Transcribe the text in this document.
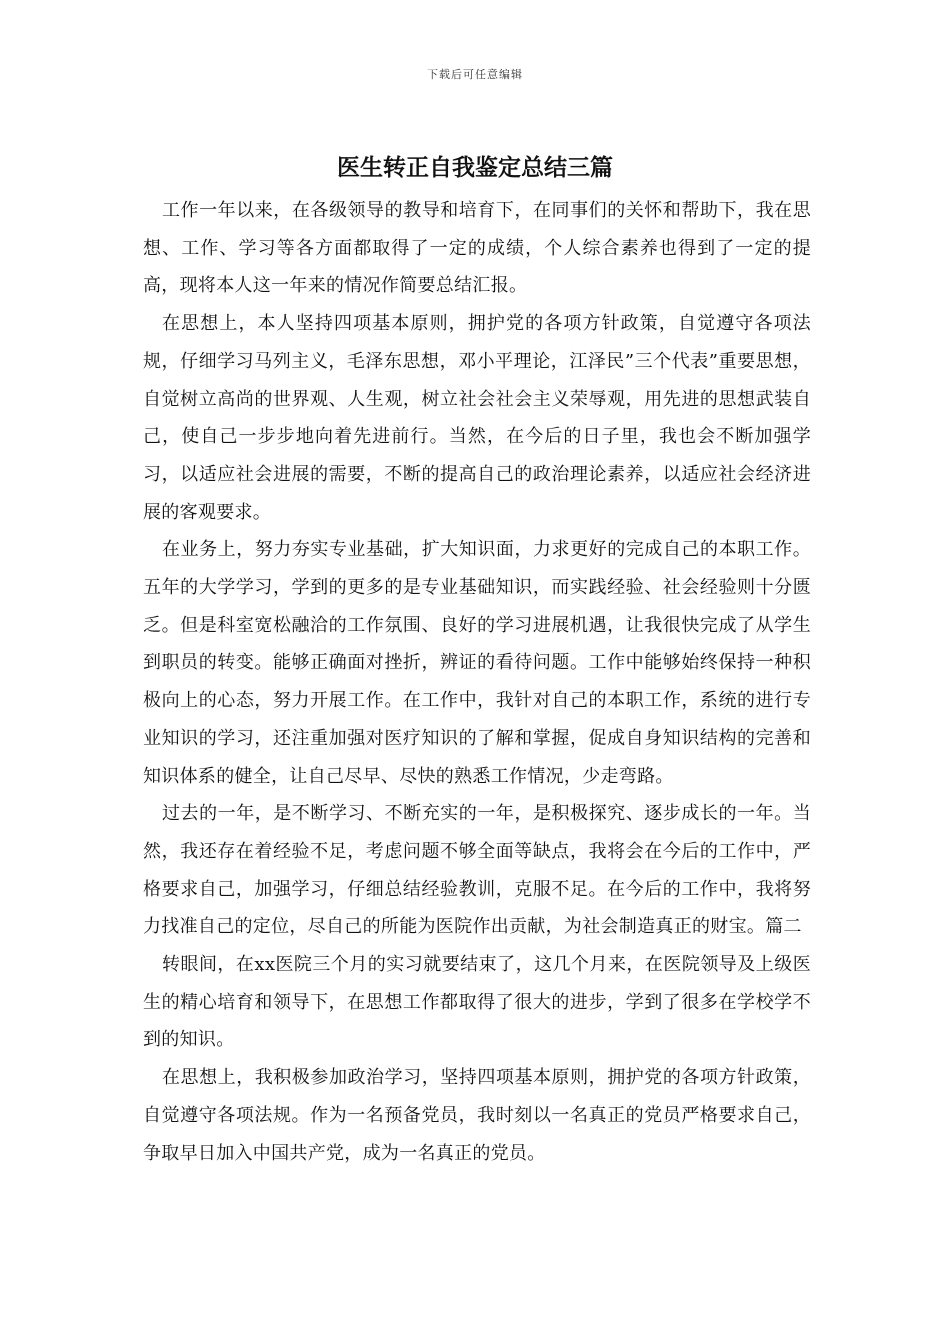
下载后可任意编辑
医生转正自我鉴定总结三篇

工作一年以来，在各级领导的教导和培育下，在同事们的关怀和帮助下，我在思想、工作、学习等各方面都取得了一定的成绩，个人综合素养也得到了一定的提高，现将本人这一年来的情况作简要总结汇报。

在思想上，本人坚持四项基本原则，拥护党的各项方针政策，自觉遵守各项法规，仔细学习马列主义，毛泽东思想，邓小平理论，江泽民”三个代表”重要思想，自觉树立高尚的世界观、人生观，树立社会社会主义荣辱观，用先进的思想武装自己，使自己一步步地向着先进前行。当然，在今后的日子里，我也会不断加强学习，以适应社会进展的需要，不断的提高自己的政治理论素养，以适应社会经济进展的客观要求。

在业务上，努力夯实专业基础，扩大知识面，力求更好的完成自己的本职工作。五年的大学学习，学到的更多的是专业基础知识，而实践经验、社会经验则十分匮乏。但是科室宽松融洽的工作氛围、良好的学习进展机遇，让我很快完成了从学生到职员的转变。能够正确面对挫折，辨证的看待问题。工作中能够始终保持一种积极向上的心态，努力开展工作。在工作中，我针对自己的本职工作，系统的进行专业知识的学习，还注重加强对医疗知识的了解和掌握，促成自身知识结构的完善和知识体系的健全，让自己尽早、尽快的熟悉工作情况，少走弯路。

过去的一年，是不断学习、不断充实的一年，是积极探究、逐步成长的一年。当然，我还存在着经验不足，考虑问题不够全面等缺点，我将会在今后的工作中，严格要求自己，加强学习，仔细总结经验教训，克服不足。在今后的工作中，我将努力找准自己的定位，尽自己的所能为医院作出贡献，为社会制造真正的财宝。篇二

转眼间，在xx医院三个月的实习就要结束了，这几个月来，在医院领导及上级医生的精心培育和领导下，在思想工作都取得了很大的进步，学到了很多在学校学不到的知识。

在思想上，我积极参加政治学习，坚持四项基本原则，拥护党的各项方针政策，自觉遵守各项法规。作为一名预备党员，我时刻以一名真正的党员严格要求自己，争取早日加入中国共产党，成为一名真正的党员。
